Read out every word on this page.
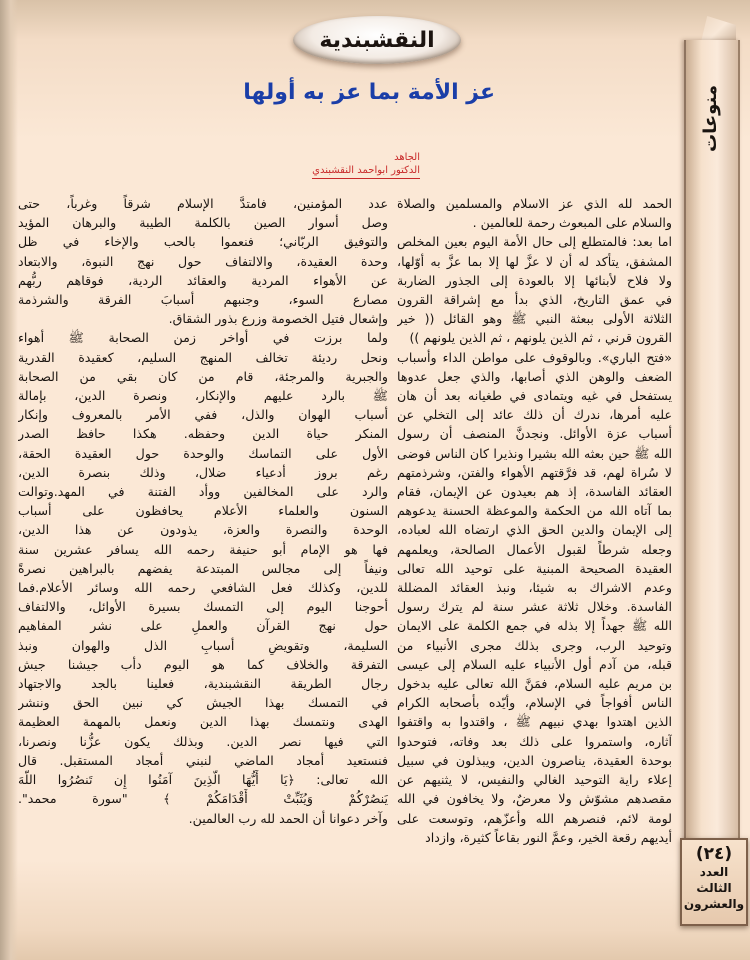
النقشبندية
عز الأمة بما عز به أولها	منوعات
(٢٤)
العدد
الثالث
والعشرون
الجاهد
الدكتور ابواحمد النقشبندي
الحمد لله الذي عز الاسلام والمسلمين والصلاة
والسلام على المبعوث رحمة للعالمين .
اما بعد: فالمتطلع إلى حال الأمة اليوم بعين المخلص
المشفق، يتأكد له أن لا عزَّ لها إلا بما عزَّ به أوّلها،
ولا فلاح لأبنائها إلا بالعودة إلى الجذور الضاربة
في عمق التاريخ، الذي بدأ مع إشراقة القرون
الثلاثة الأولى ببعثة النبي ﷺ وهو القائل (( خير
القرون قرني ، ثم الذين يلونهم ، ثم الذين يلونهم ))
«فتح الباري». وبالوقوف على مواطن الداء وأسباب
الضعف والوهن الذي أصابها، والذي جعل عدوها
يستفحل في غيه ويتمادى في طغيانه بعد أن هان
عليه أمرها، ندرك أن ذلك عائد إلى التخلي عن
أسباب عزة الأوائل. ونجدنَّ المنصف أن رسول
الله ﷺ حين بعثه الله بشيرا ونذيرا كان الناس فوضى
لا سُراة لهم، قد فرَّقتهم الأهواء والفتن، وشرذمتهم
العقائد الفاسدة، إذ هم بعيدون عن الإيمان، فقام
بما آتاه الله من الحكمة والموعظة الحسنة يدعوهم
إلى الإيمان والدين الحق الذي ارتضاه الله لعباده،
وجعله شرطاً لقبول الأعمال الصالحة، ويعلمهم
العقيدة الصحيحة المبنية على توحيد الله تعالى
وعدم الاشراك به شيئا، ونبذ العقائد المضللة
الفاسدة. وخلال ثلاثة عشر سنة لم يترك رسول
الله ﷺ جهداً إلا بذله في جمع الكلمة على الايمان
وتوحيد الرب، وجرى بذلك مجرى الأنبياء من
قبله، من آدم أول الأنبياء عليه السلام إلى عيسى
بن مريم عليه السلام، فمَنَّ الله تعالى عليه بدخول
الناس أفواجاً في الإسلام، وأيّده بأصحابه الكرام
الذين اهتدوا بهدي نبيهم ﷺ ، واقتدوا به واقتفوا
آثاره، واستمروا على ذلك بعد وفاته، فتوحدوا
بوحدة العقيدة، يناصرون الدين، ويبذلون في سبيل
إعلاء راية التوحيد الغالي والنفيس، لا يثنيهم عن
مقصدهم مشوّش ولا معرضٌ، ولا يخافون في الله
لومة لائم، فنصرهم الله وأعزّهم، وتوسعت على
أيديهم رقعة الخير، وعمَّ النور بقاعاً كثيرة، وازداد
عدد المؤمنين، فامتدَّ الإسلام شرقاً وغرباً، حتى
وصل أسوار الصين بالكلمة الطيبة والبرهان المؤيد
والتوفيق الربّاني؛ فنعموا بالحب والإخاء في ظل
وحدة العقيدة، والالتفاف حول نهج النبوة، والابتعاد
عن الأهواء المردية والعقائد الردية، فوقاهم ربُّهم
مصارع السوء، وجنبهم أسبابَ الفرقة والشرذمة
وإشعال فتيل الخصومة وزرع بذور الشقاق.
ولما برزت في أواخر زمن الصحابة ﷺ أهواء
ونحل رديئة تخالف المنهج السليم، كعقيدة القدرية
والجبرية والمرجئة، قام من كان بقي من الصحابة
ﷺ بالرد عليهم والإنكار، ونصرة الدين، بإمالة
أسباب الهوان والذل، ففي الأمر بالمعروف وإنكار
المنكر حياة الدين وحفظه. هكذا حافظ الصدر
الأول على التماسك والوحدة حول العقيدة الحقة،
رغم بروز أدعياء ضلال، وذلك بنصرة الدين،
والرد على المخالفين ووأد الفتنة في المهد.وتوالت
السنون والعلماء الأعلام يحافظون على أسباب
الوحدة والنصرة والعزة، يذودون عن هذا الدين،
فها هو الإمام أبو حنيفة رحمه الله يسافر عشرين سنة
ونيفاً إلى مجالس المبتدعة يفضهم بالبراهين نصرةً
للدين، وكذلك فعل الشافعي رحمه الله وسائر الأعلام.فما
أحوجنا اليوم إلى التمسك بسيرة الأوائل، والالتفاف
حول نهج القرآن والعملِ على نشر المفاهيم
السليمة، وتقويضِ أسبابِ الذل والهوان ونبذ
التفرقة والخلاف كما هو اليوم دأب جيشنا جيش
رجال الطريقة النقشبندية، فعلينا بالجد والاجتهاد
في التمسك بهذا الجيش كي نبين الحق وننشر
الهدى ونتمسك بهذا الدين ونعمل بالمهمة العظيمة
التي فيها نصر الدين. وبذلك يكون عزُّنا ونصرنا،
فنستعيد أمجاد الماضي لنبني أمجاد المستقبل. قال
الله تعالى: ﴿يَا أَيُّهَا الَّذِينَ آمَنُوا إِن تَنصُرُوا اللَّهَ
يَنصُرْكُمْ وَيُثَبِّتْ أَقْدَامَكُمْ ﴾ "سورة محمد".
وآخر دعوانا أن الحمد لله رب العالمين.
